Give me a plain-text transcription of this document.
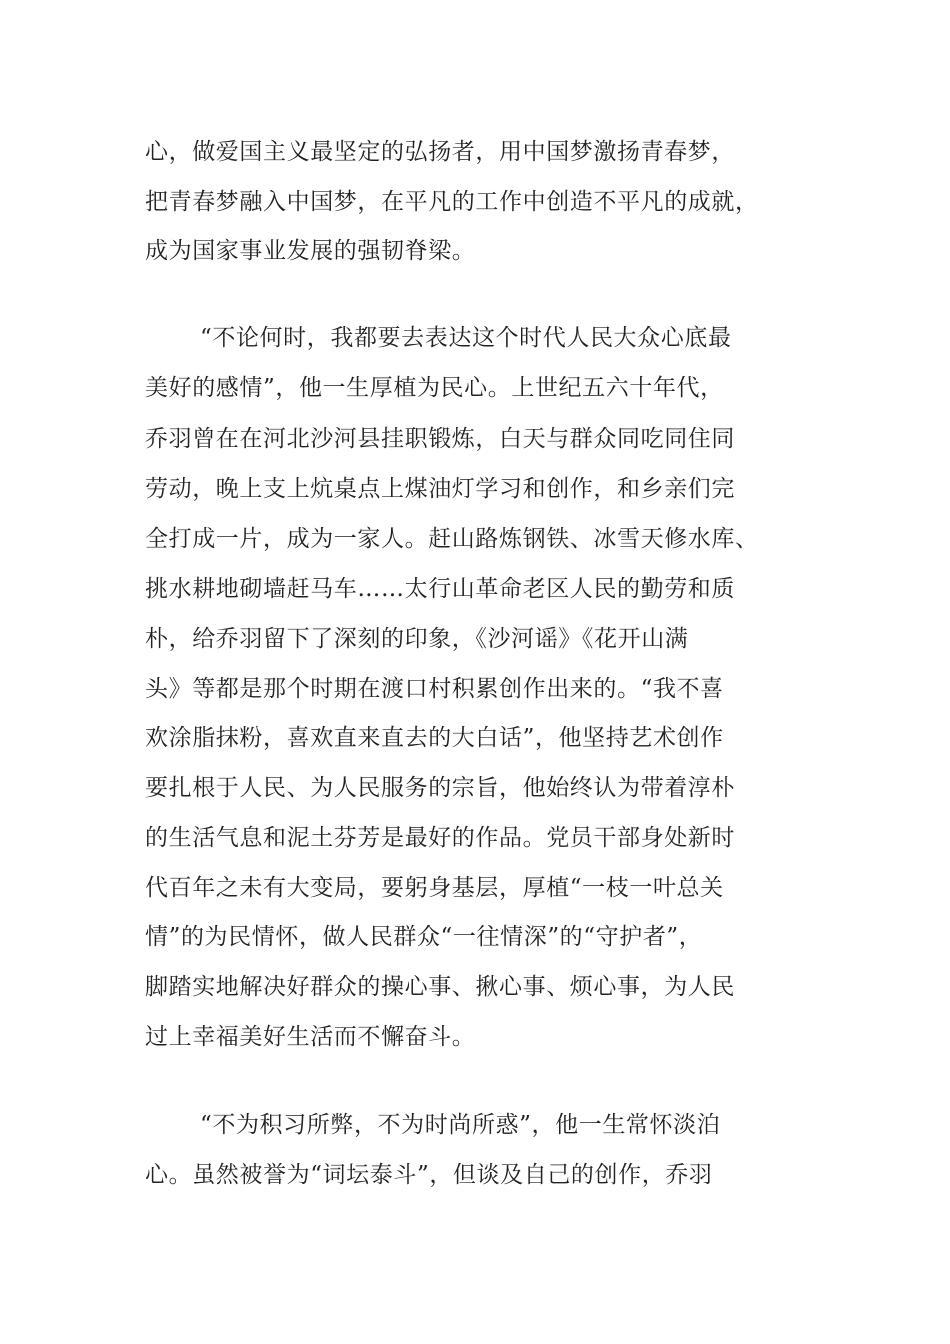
心，做爱国主义最坚定的弘扬者，用中国梦激扬青春梦，
把青春梦融入中国梦，在平凡的工作中创造不平凡的成就，
成为国家事业发展的强韧脊梁。
“不论何时，我都要去表达这个时代人民大众心底最
美好的感情”，他一生厚植为民心。上世纪五六十年代，
乔羽曾在在河北沙河县挂职锻炼，白天与群众同吃同住同
劳动，晚上支上炕桌点上煤油灯学习和创作，和乡亲们完
全打成一片，成为一家人。赶山路炼钢铁、冰雪天修水库、
挑水耕地砌墙赶马车……太行山革命老区人民的勤劳和质
朴，给乔羽留下了深刻的印象，《沙河谣》《花开山满
头》等都是那个时期在渡口村积累创作出来的。“我不喜
欢涂脂抹粉，喜欢直来直去的大白话”，他坚持艺术创作
要扎根于人民、为人民服务的宗旨，他始终认为带着淳朴
的生活气息和泥土芬芳是最好的作品。党员干部身处新时
代百年之未有大变局，要躬身基层，厚植“一枝一叶总关
情”的为民情怀，做人民群众“一往情深”的“守护者”，
脚踏实地解决好群众的操心事、揪心事、烦心事，为人民
过上幸福美好生活而不懈奋斗。
“不为积习所弊，不为时尚所惑”，他一生常怀淡泊
心。虽然被誉为“词坛泰斗”，但谈及自己的创作，乔羽
